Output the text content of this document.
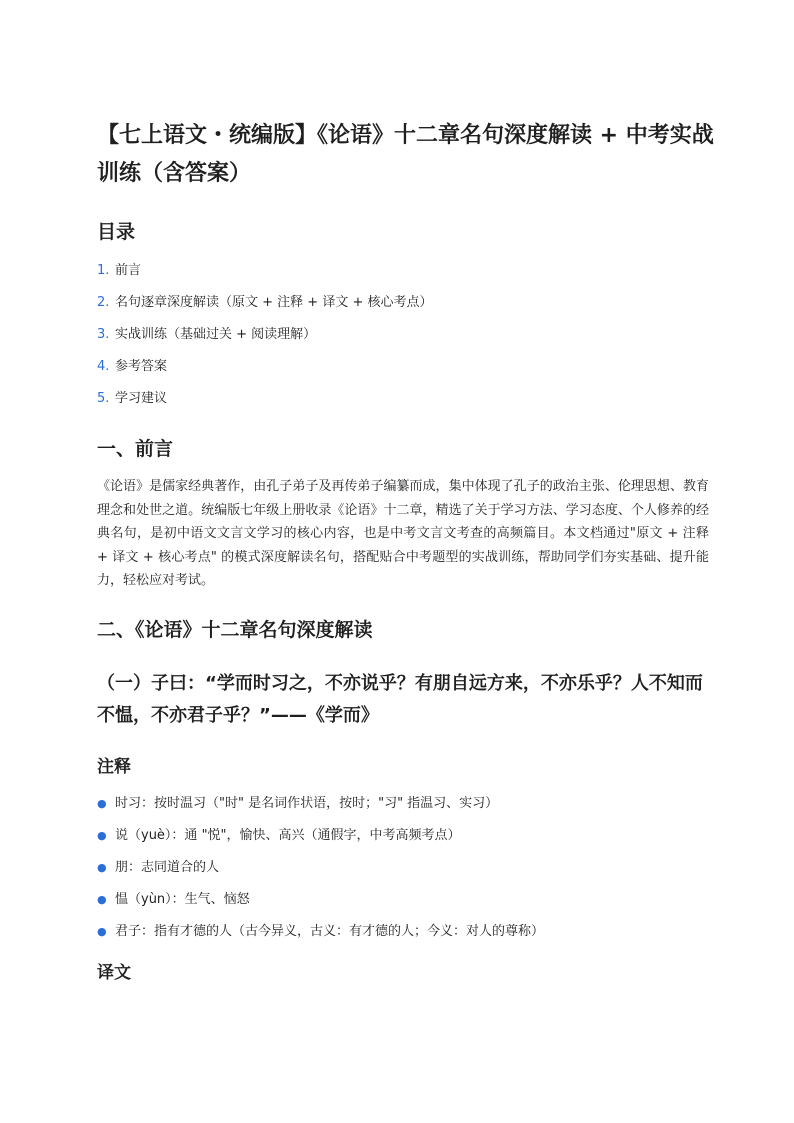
【七上语文・统编版】《论语》十二章名句深度解读 + 中考实战训练（含答案）
目录
1. 前言
2. 名句逐章深度解读（原文 + 注释 + 译文 + 核心考点）
3. 实战训练（基础过关 + 阅读理解）
4. 参考答案
5. 学习建议
一、前言

《论语》是儒家经典著作，由孔子弟子及再传弟子编纂而成，集中体现了孔子的政治主张、伦理思想、教育理念和处世之道。统编版七年级上册收录《论语》十二章，精选了关于学习方法、学习态度、个人修养的经典名句，是初中语文文言文学习的核心内容，也是中考文言文考查的高频篇目。本文档通过"原文 + 注释 + 译文 + 核心考点" 的模式深度解读名句，搭配贴合中考题型的实战训练，帮助同学们夯实基础、提升能力，轻松应对考试。

二、《论语》十二章名句深度解读
（一）子曰：“学而时习之，不亦说乎？有朋自远方来，不亦乐乎？人不知而不愠，不亦君子乎？”——《学而》
注释
● 时习：按时温习（"时" 是名词作状语，按时；"习" 指温习、实习）
● 说（yuè）：通 "悦"，愉快、高兴（通假字，中考高频考点）
● 朋：志同道合的人
● 愠（yùn）：生气、恼怒
● 君子：指有才德的人（古今异义，古义：有才德的人；今义：对人的尊称）
译文
